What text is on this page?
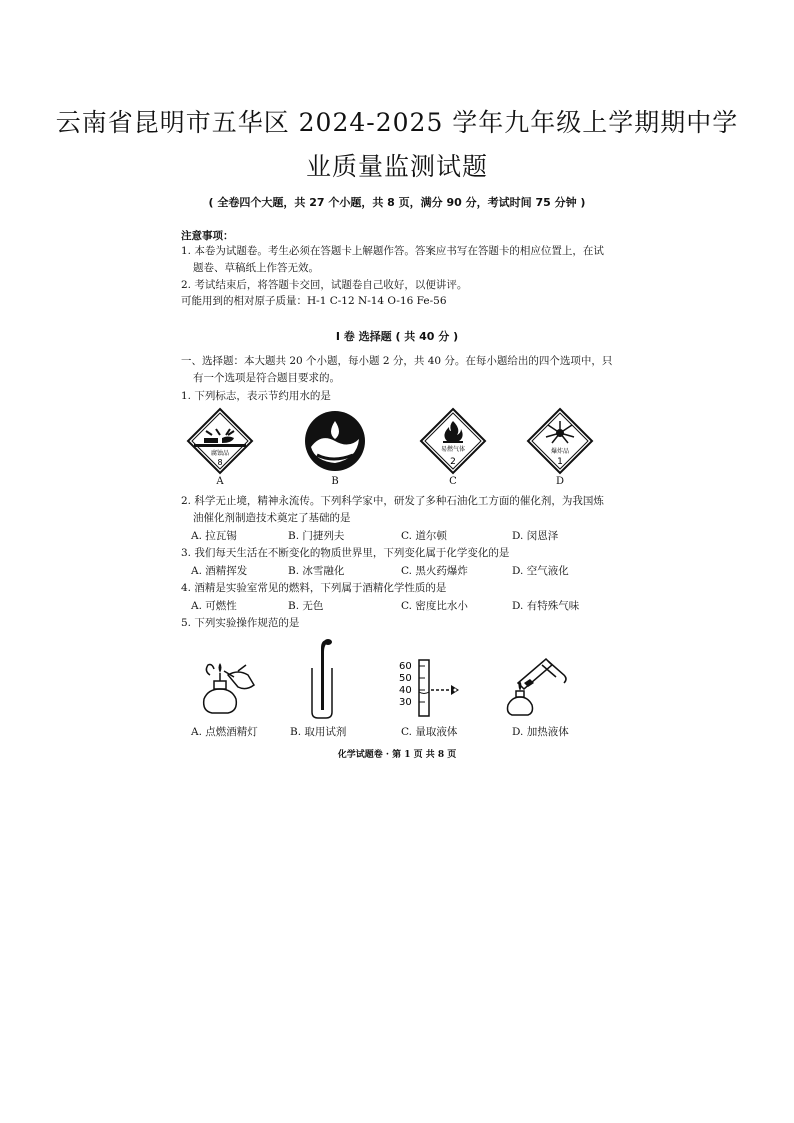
云南省昆明市五华区 2024-2025 学年九年级上学期期中学
业质量监测试题
( 全卷四个大题，共 27 个小题，共 8 页，满分 90 分，考试时间 75 分钟 )
注意事项：
1. 本卷为试题卷。考生必须在答题卡上解题作答。答案应书写在答题卡的相应位置上，在试
题卷、草稿纸上作答无效。
2. 考试结束后，将答题卡交回，试题卷自己收好，以便讲评。
可能用到的相对原子质量：H-1 C-12 N-14 O-16 Fe-56
I 卷 选择题 ( 共 40 分 )
一、选择题：本大题共 20 个小题，每小题 2 分，共 40 分。在每小题给出的四个选项中，只
有一个选项是符合题目要求的。
1. 下列标志，表示节约用水的是
腐蚀品
8
易燃气体
2
爆炸品
1
A	B	C	D
2. 科学无止境，精神永流传。下列科学家中，研发了多种石油化工方面的催化剂，为我国炼
油催化剂制造技术奠定了基础的是
A. 拉瓦锡	B. 门捷列夫	C. 道尔顿	D. 闵恩泽
3. 我们每天生活在不断变化的物质世界里，下列变化属于化学变化的是
A. 酒精挥发	B. 冰雪融化	C. 黑火药爆炸	D. 空气液化
4. 酒精是实验室常见的燃料，下列属于酒精化学性质的是
A. 可燃性	B. 无色	C. 密度比水小	D. 有特殊气味
5. 下列实验操作规范的是
60
50
40
30
A. 点燃酒精灯	B. 取用试剂	C. 量取液体	D. 加热液体
化学试题卷 · 第 1 页 共 8 页
